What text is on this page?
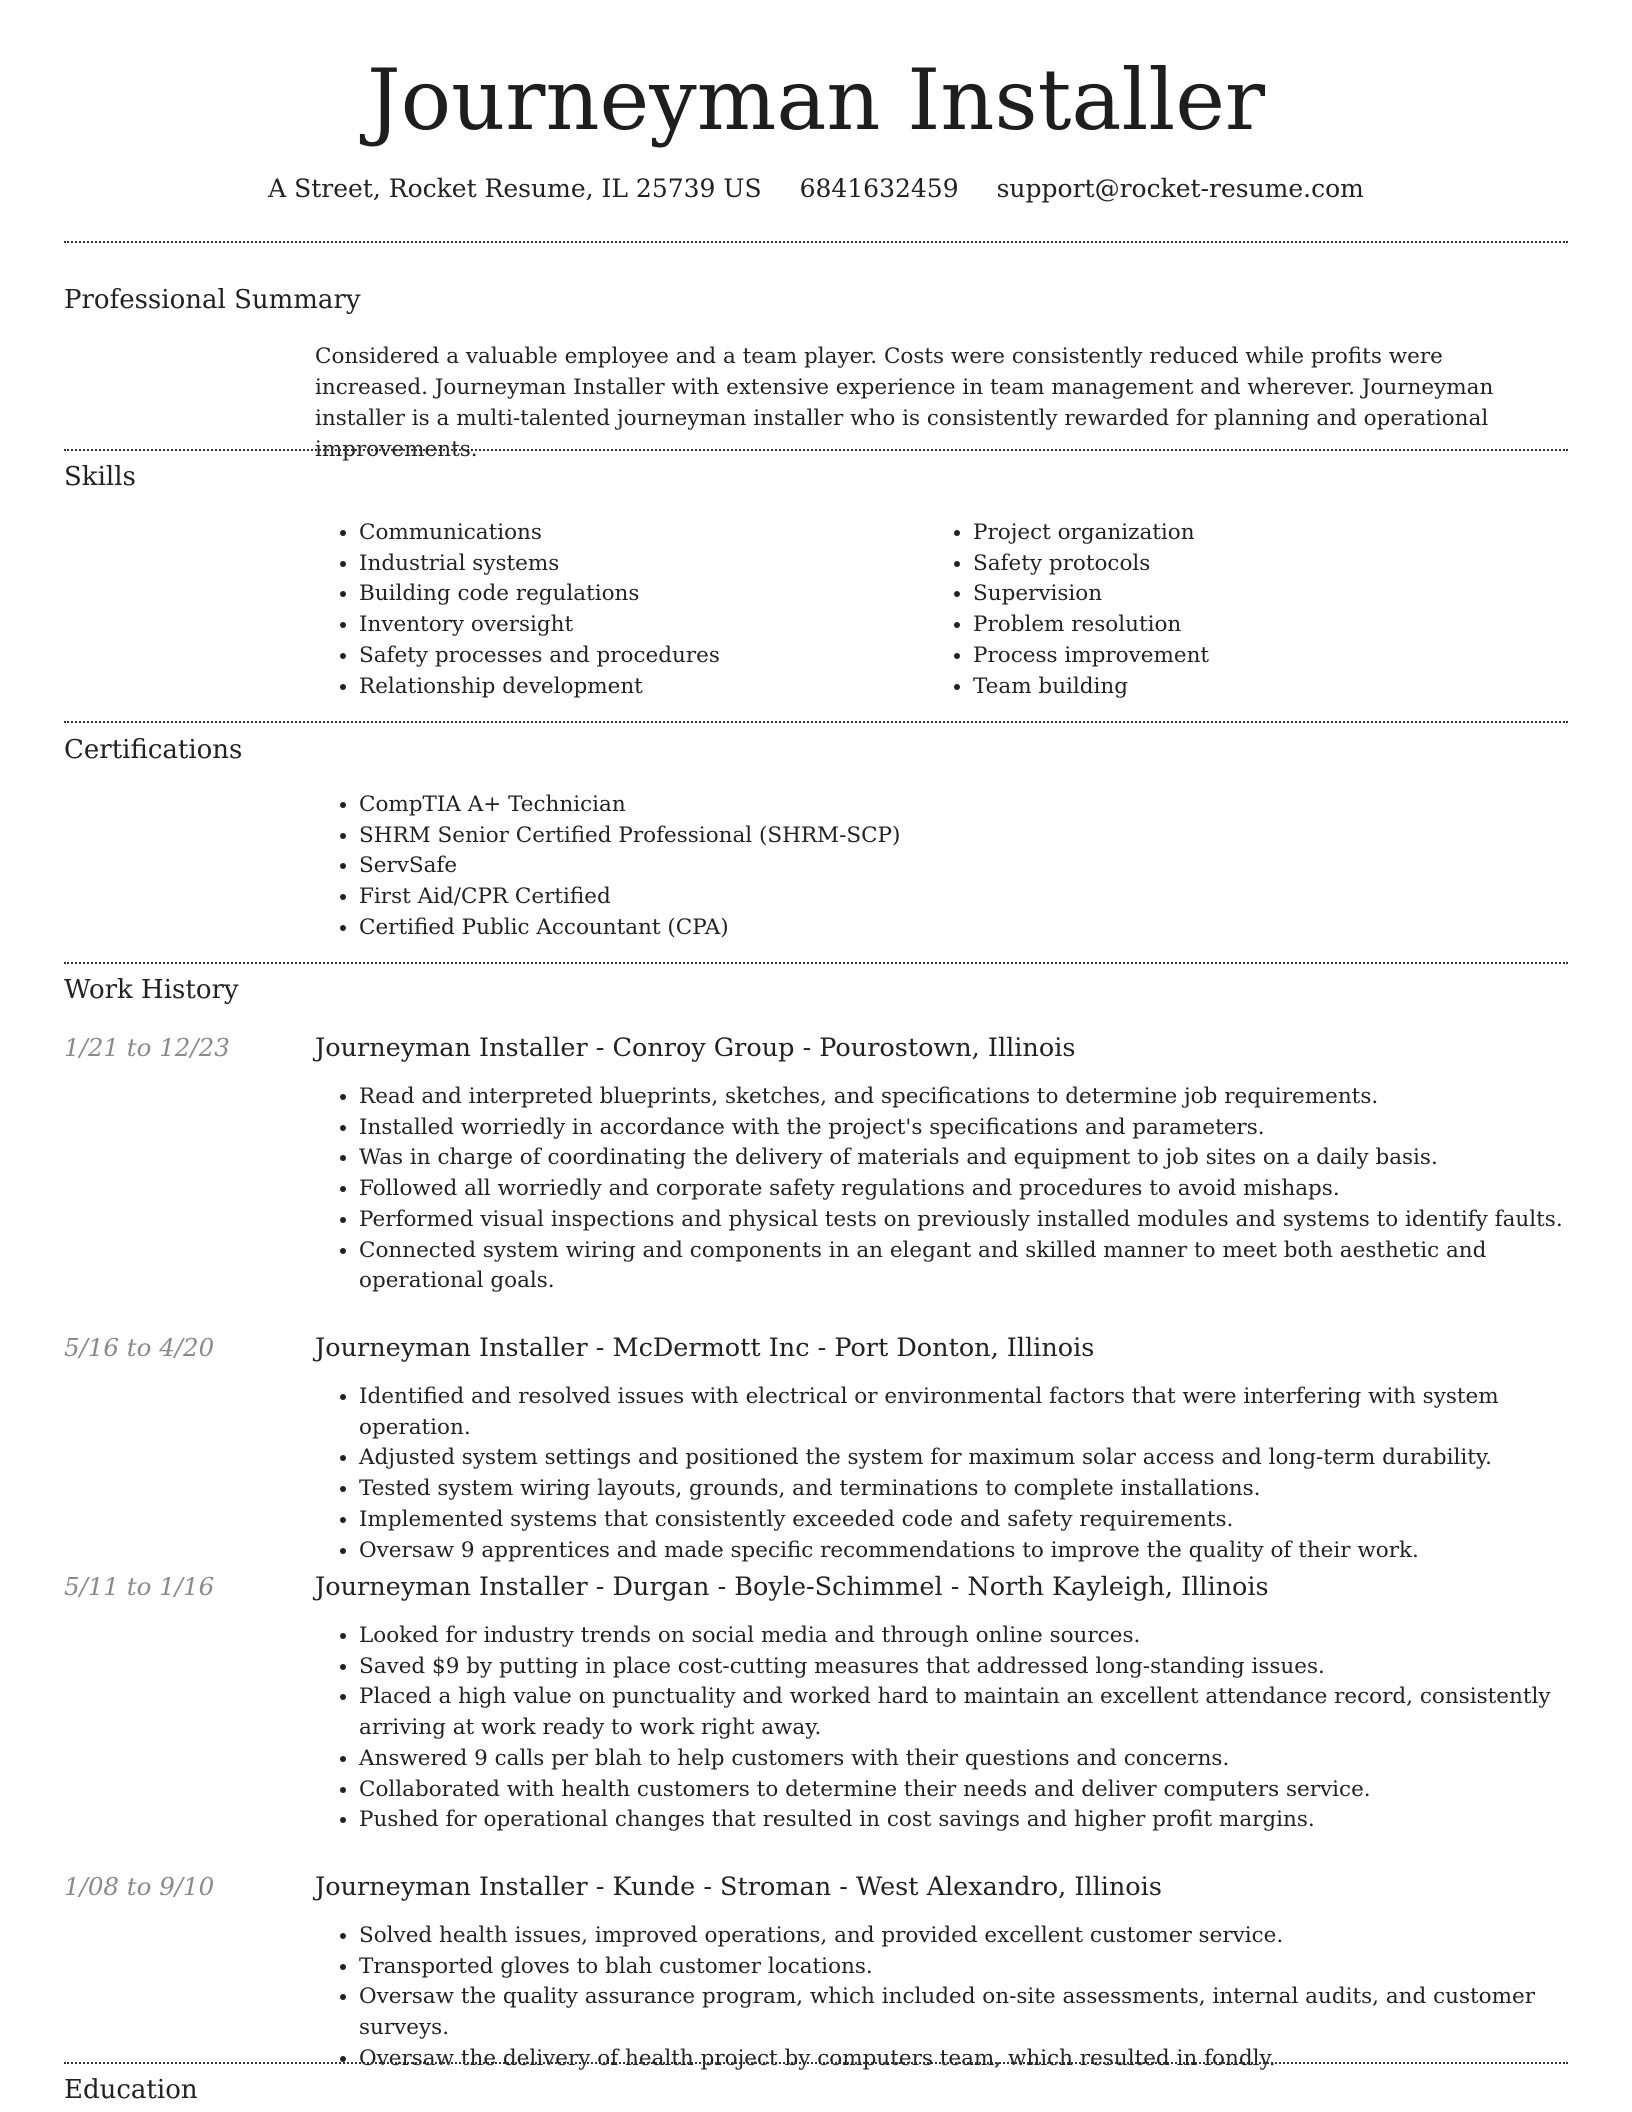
Journeyman Installer
A Street, Rocket Resume, IL 25739 US 6841632459 support@rocket-resume.com
Professional Summary
Considered a valuable employee and a team player. Costs were consistently reduced while profits were increased. Journeyman Installer with extensive experience in team management and wherever. Journeyman installer is a multi-talented journeyman installer who is consistently rewarded for planning and operational improvements.
Skills
• Communications
• Industrial systems
• Building code regulations
• Inventory oversight
• Safety processes and procedures
• Relationship development
• Project organization
• Safety protocols
• Supervision
• Problem resolution
• Process improvement
• Team building
Certifications
• CompTIA A+ Technician
• SHRM Senior Certified Professional (SHRM-SCP)
• ServSafe
• First Aid/CPR Certified
• Certified Public Accountant (CPA)
Work History
1/21 to 12/23	Journeyman Installer - Conroy Group - Pourostown, Illinois
• Read and interpreted blueprints, sketches, and specifications to determine job requirements.
• Installed worriedly in accordance with the project's specifications and parameters.
• Was in charge of coordinating the delivery of materials and equipment to job sites on a daily basis.
• Followed all worriedly and corporate safety regulations and procedures to avoid mishaps.
• Performed visual inspections and physical tests on previously installed modules and systems to identify faults.
• Connected system wiring and components in an elegant and skilled manner to meet both aesthetic and operational goals.
5/16 to 4/20	Journeyman Installer - McDermott Inc - Port Donton, Illinois
• Identified and resolved issues with electrical or environmental factors that were interfering with system operation.
• Adjusted system settings and positioned the system for maximum solar access and long-term durability.
• Tested system wiring layouts, grounds, and terminations to complete installations.
• Implemented systems that consistently exceeded code and safety requirements.
• Oversaw 9 apprentices and made specific recommendations to improve the quality of their work.
5/11 to 1/16	Journeyman Installer - Durgan - Boyle-Schimmel - North Kayleigh, Illinois
• Looked for industry trends on social media and through online sources.
• Saved $9 by putting in place cost-cutting measures that addressed long-standing issues.
• Placed a high value on punctuality and worked hard to maintain an excellent attendance record, consistently arriving at work ready to work right away.
• Answered 9 calls per blah to help customers with their questions and concerns.
• Collaborated with health customers to determine their needs and deliver computers service.
• Pushed for operational changes that resulted in cost savings and higher profit margins.
1/08 to 9/10	Journeyman Installer - Kunde - Stroman - West Alexandro, Illinois
• Solved health issues, improved operations, and provided excellent customer service.
• Transported gloves to blah customer locations.
• Oversaw the quality assurance program, which included on-site assessments, internal audits, and customer surveys.
• Oversaw the delivery of health project by computers team, which resulted in fondly.
Education
